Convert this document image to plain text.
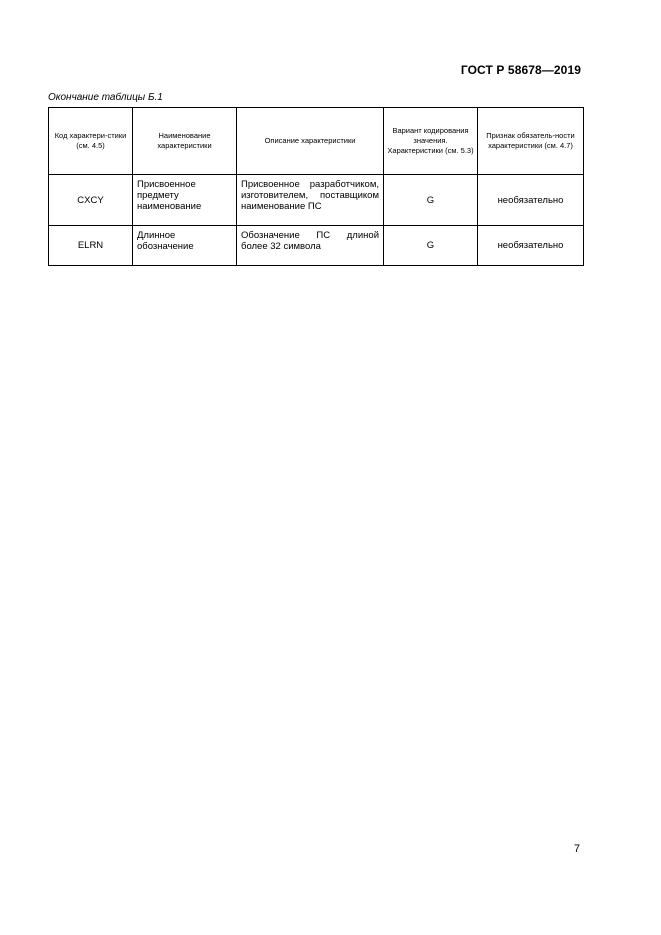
ГОСТ Р 58678—2019
Окончание таблицы Б.1
Код характери-стики (см. 4.5)	Наименование характеристики	Описание характеристики	Вариант кодирования значения. Характеристики (см. 5.3)	Признак обязатель-ности характеристики (см. 4.7)
CXCY	Присвоенное предмету наименование	Присвоенное разработчиком, изготовителем, поставщиком наименование ПС	G	необязательно
ELRN	Длинное обозначение	Обозначение ПС длиной более 32 символа	G	необязательно
7
